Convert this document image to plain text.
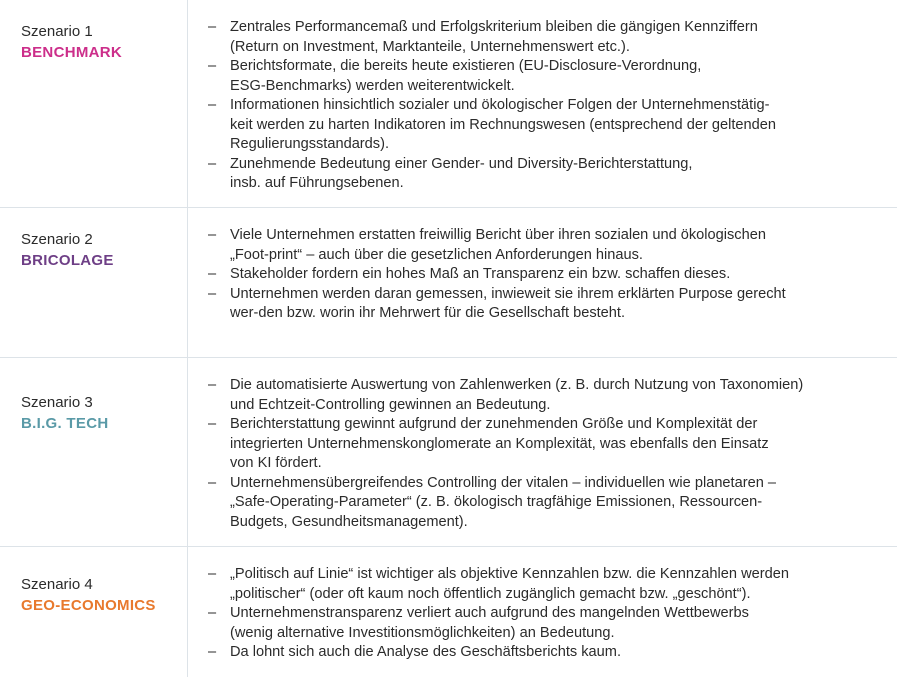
Szenario 1
BENCHMARK
– Zentrales Performancemaß und Erfolgskriterium bleiben die gängigen Kennziffern
(Return on Investment, Marktanteile, Unternehmenswert etc.).
– Berichtsformate, die bereits heute existieren (EU-Disclosure-Verordnung,
ESG-Benchmarks) werden weiterentwickelt.
– Informationen hinsichtlich sozialer und ökologischer Folgen der Unternehmenstätig-
keit werden zu harten Indikatoren im Rechnungswesen (entsprechend der geltenden
Regulierungsstandards).
– Zunehmende Bedeutung einer Gender- und Diversity-Berichterstattung,
insb. auf Führungsebenen.
Szenario 2
BRICOLAGE
– Viele Unternehmen erstatten freiwillig Bericht über ihren sozialen und ökologischen
„Foot-print“ – auch über die gesetzlichen Anforderungen hinaus.
– Stakeholder fordern ein hohes Maß an Transparenz ein bzw. schaffen dieses.
– Unternehmen werden daran gemessen, inwieweit sie ihrem erklärten Purpose gerecht
wer-den bzw. worin ihr Mehrwert für die Gesellschaft besteht.
Szenario 3
B.I.G. TECH
– Die automatisierte Auswertung von Zahlenwerken (z. B. durch Nutzung von Taxonomien)
und Echtzeit-Controlling gewinnen an Bedeutung.
– Berichterstattung gewinnt aufgrund der zunehmenden Größe und Komplexität der
integrierten Unternehmenskonglomerate an Komplexität, was ebenfalls den Einsatz
von KI fördert.
– Unternehmensübergreifendes Controlling der vitalen – individuellen wie planetaren –
„Safe-Operating-Parameter“ (z. B. ökologisch tragfähige Emissionen, Ressourcen-
Budgets, Gesundheitsmanagement).
Szenario 4
GEO-ECONOMICS
– „Politisch auf Linie“ ist wichtiger als objektive Kennzahlen bzw. die Kennzahlen werden
„politischer“ (oder oft kaum noch öffentlich zugänglich gemacht bzw. „geschönt“).
– Unternehmenstransparenz verliert auch aufgrund des mangelnden Wettbewerbs
(wenig alternative Investitionsmöglichkeiten) an Bedeutung.
– Da lohnt sich auch die Analyse des Geschäftsberichts kaum.
